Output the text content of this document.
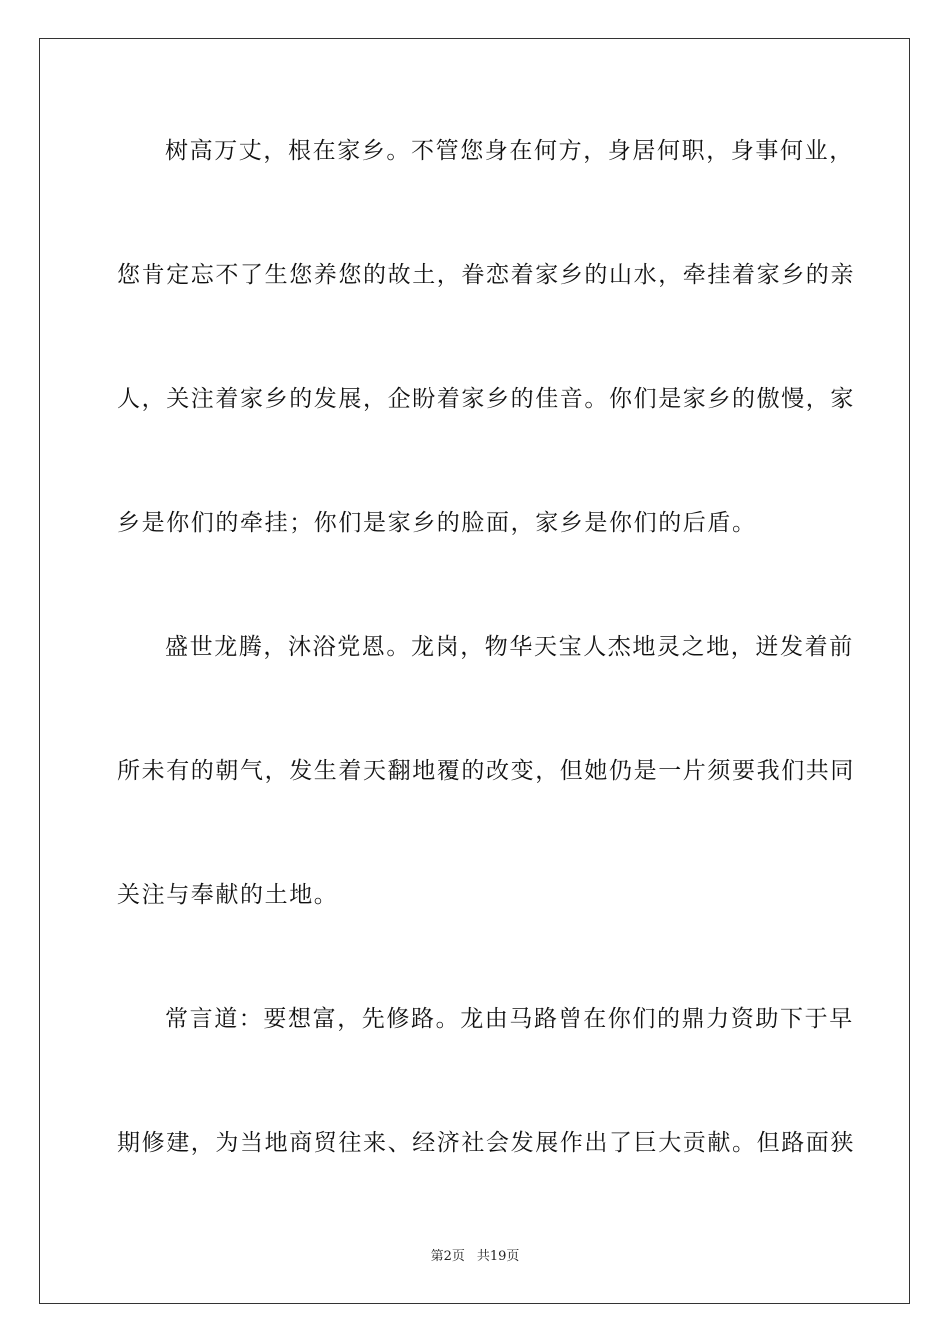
树高万丈，根在家乡。不管您身在何方，身居何职，身事何业，
您肯定忘不了生您养您的故土，眷恋着家乡的山水，牵挂着家乡的亲
人，关注着家乡的发展，企盼着家乡的佳音。你们是家乡的傲慢，家
乡是你们的牵挂；你们是家乡的脸面，家乡是你们的后盾。
盛世龙腾，沐浴党恩。龙岗，物华天宝人杰地灵之地，迸发着前
所未有的朝气，发生着天翻地覆的改变，但她仍是一片须要我们共同
关注与奉献的土地。
常言道：要想富，先修路。龙由马路曾在你们的鼎力资助下于早
期修建，为当地商贸往来、经济社会发展作出了巨大贡献。但路面狭
第2页 共19页
